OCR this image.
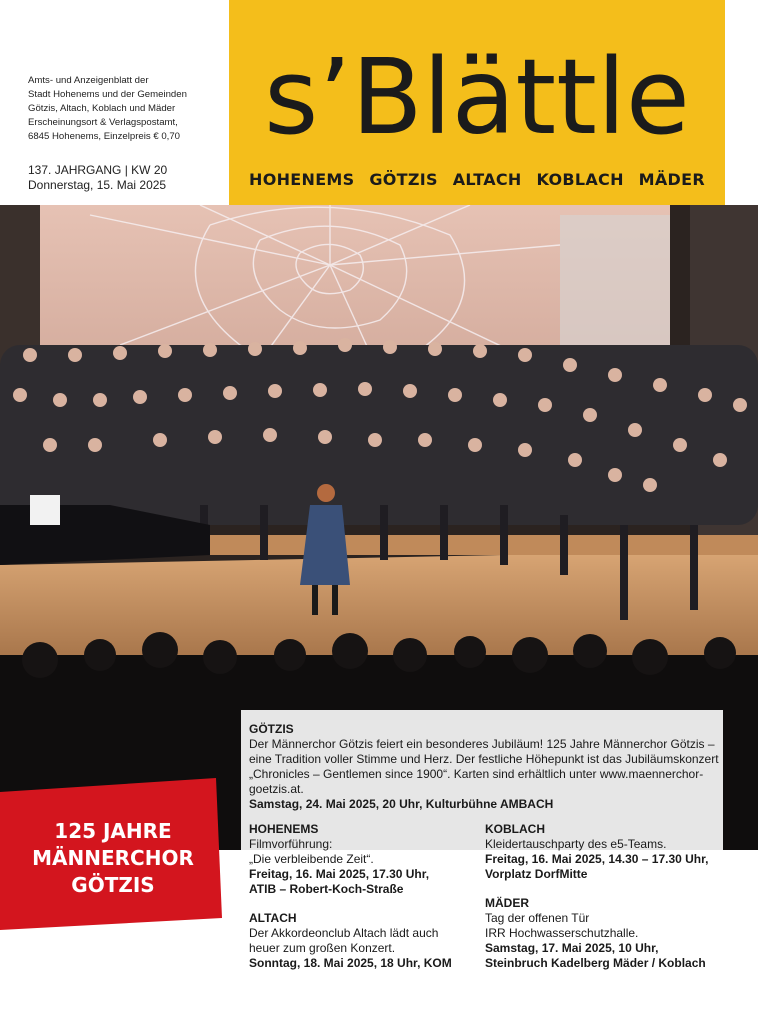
Amts- und Anzeigenblatt der
Stadt Hohenems und der Gemeinden
Götzis, Altach, Koblach und Mäder
Erscheinungsort & Verlagspostamt,
6845 Hohenems, Einzelpreis € 0,70
137. JAHRGANG | KW 20
Donnerstag, 15. Mai 2025
s’Blättle
HOHENEMS GÖTZIS ALTACH KOBLACH MÄDER
GÖTZIS
Der Männerchor Götzis feiert ein besonderes Jubiläum! 125 Jahre Männerchor Götzis – eine Tradition voller Stimme und Herz. Der festliche Höhepunkt ist das Jubiläumskonzert „Chronicles – Gentlemen since 1900“. Karten sind erhältlich unter www.maennerchor-goetzis.at.
Samstag, 24. Mai 2025, 20 Uhr, Kulturbühne AMBACH
HOHENEMS
Filmvorführung:
„Die verbleibende Zeit“.
Freitag, 16. Mai 2025, 17.30 Uhr,
ATIB – Robert-Koch-Straße
ALTACH
Der Akkordeonclub Altach lädt auch
heuer zum großen Konzert.
Sonntag, 18. Mai 2025, 18 Uhr, KOM
KOBLACH
Kleidertauschparty des e5-Teams.
Freitag, 16. Mai 2025, 14.30 – 17.30 Uhr,
Vorplatz DorfMitte
MÄDER
Tag der offenen Tür
IRR Hochwasserschutzhalle.
Samstag, 17. Mai 2025, 10 Uhr,
Steinbruch Kadelberg Mäder / Koblach
125 JAHRE
MÄNNERCHOR
GÖTZIS
